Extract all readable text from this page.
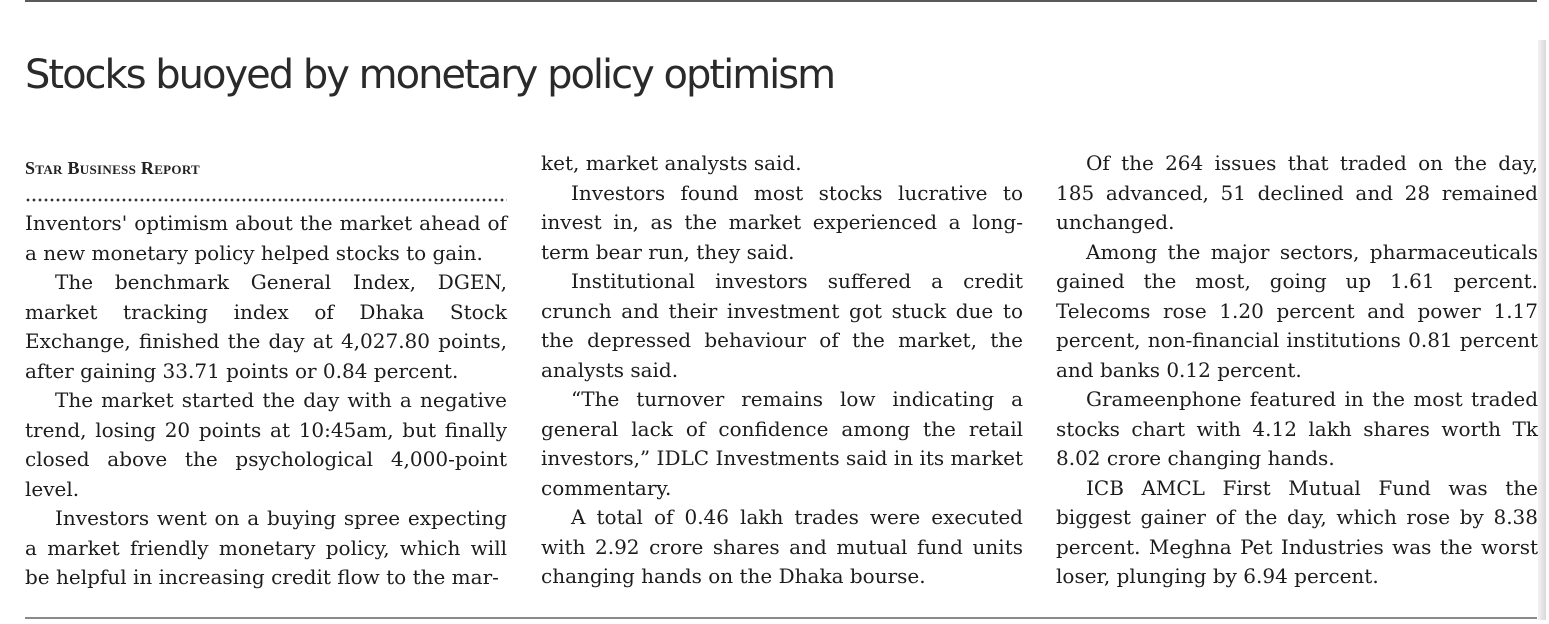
Stocks buoyed by monetary policy optimism
Star Business Report

Inventors' optimism about the market ahead of a new monetary policy helped stocks to gain.

The benchmark General Index, DGEN, market tracking index of Dhaka Stock Exchange, finished the day at 4,027.80 points, after gaining 33.71 points or 0.84 percent.

The market started the day with a negative trend, losing 20 points at 10:45am, but finally closed above the psychological 4,000-point level.

Investors went on a buying spree expecting a market friendly monetary policy, which will be helpful in increasing credit flow to the mar-

ket, market analysts said.

Investors found most stocks lucrative to invest in, as the market experienced a long-term bear run, they said.

Institutional investors suffered a credit crunch and their investment got stuck due to the depressed behaviour of the market, the analysts said.

“The turnover remains low indicating a general lack of confidence among the retail investors,” IDLC Investments said in its market commentary.

A total of 0.46 lakh trades were executed with 2.92 crore shares and mutual fund units changing hands on the Dhaka bourse.

Of the 264 issues that traded on the day, 185 advanced, 51 declined and 28 remained unchanged.

Among the major sectors, pharmaceuticals gained the most, going up 1.61 percent. Telecoms rose 1.20 percent and power 1.17 percent, non-financial institutions 0.81 percent and banks 0.12 percent.

Grameenphone featured in the most traded stocks chart with 4.12 lakh shares worth Tk 8.02 crore changing hands.

ICB AMCL First Mutual Fund was the biggest gainer of the day, which rose by 8.38 percent. Meghna Pet Industries was the worst loser, plunging by 6.94 percent.
